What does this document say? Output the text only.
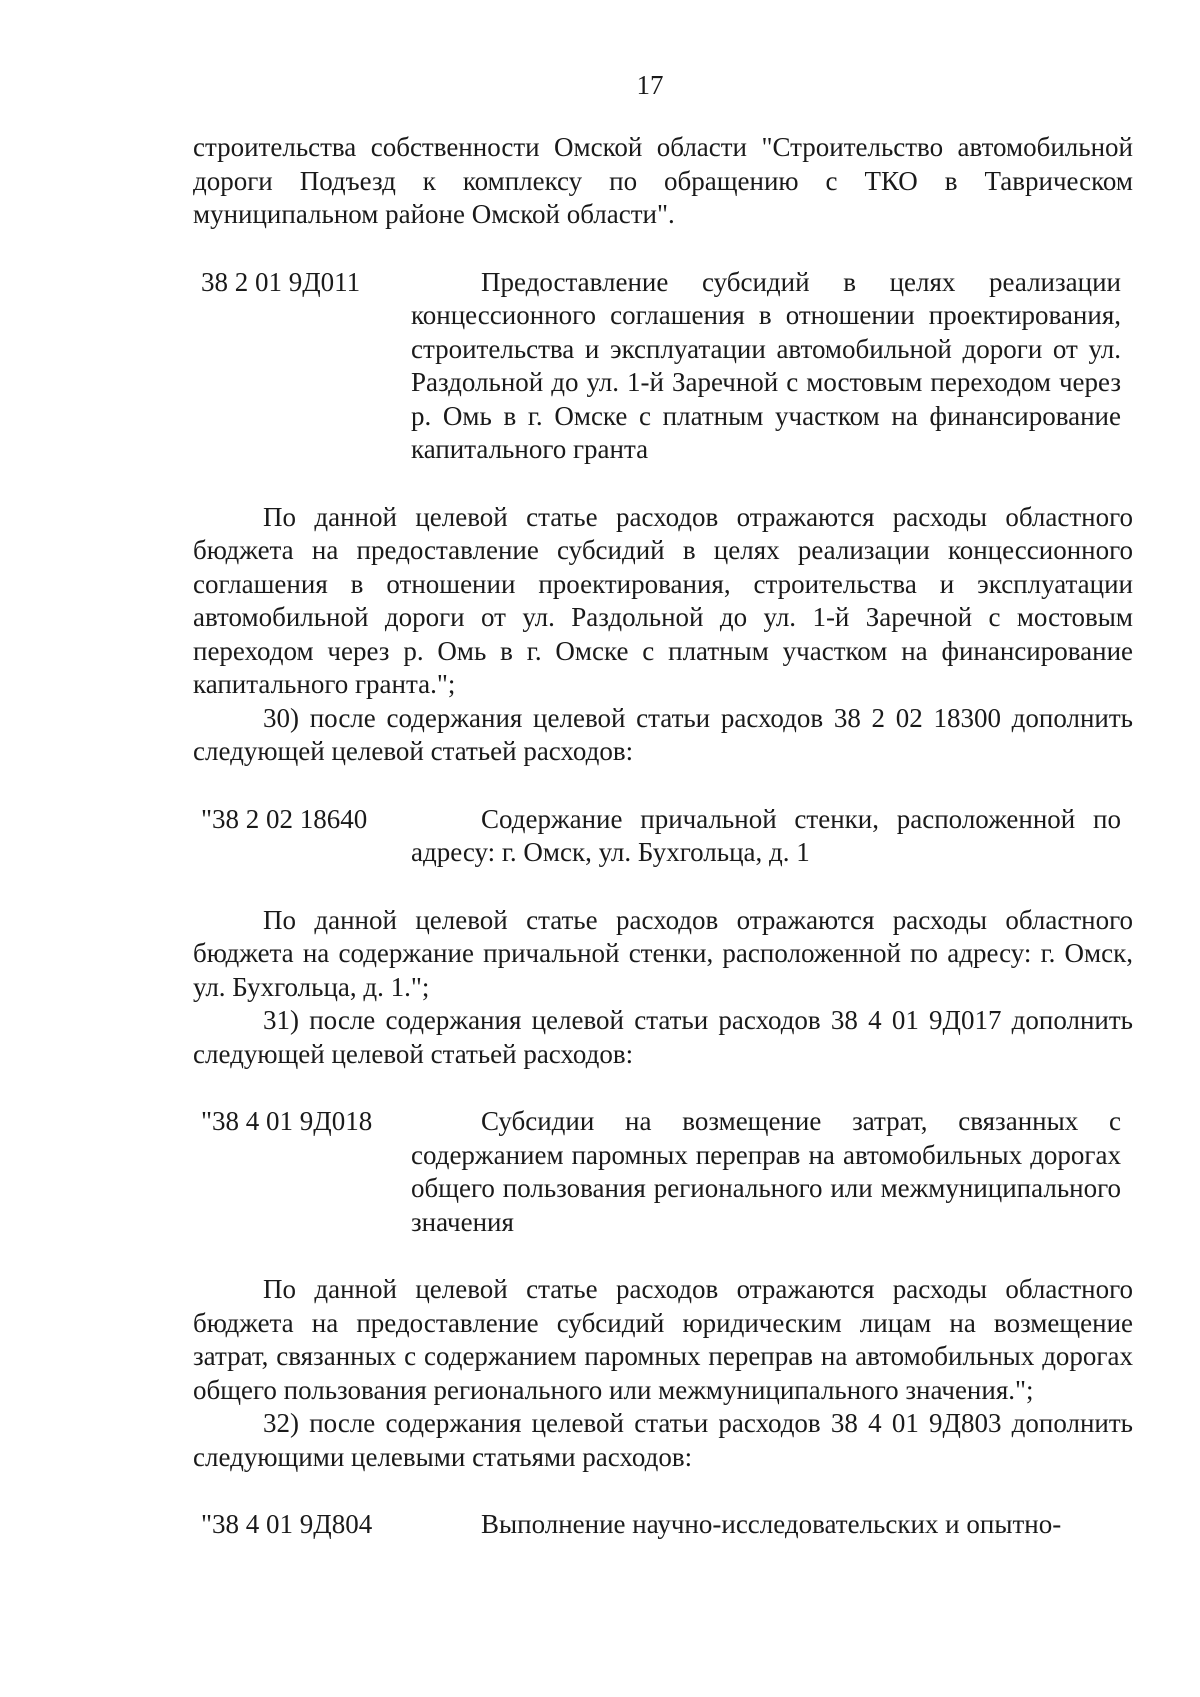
17

строительства собственности Омской области "Строительство автомобильной дороги Подъезд к комплексу по обращению с ТКО в Таврическом муниципальном районе Омской области".

38 2 01 9Д011	Предоставление субсидий в целях реализации концессионного соглашения в отношении проектирования, строительства и эксплуатации автомобильной дороги от ул. Раздольной до ул. 1-й Заречной с мостовым переходом через р. Омь в г. Омске с платным участком на финансирование капитального гранта

По данной целевой статье расходов отражаются расходы областного бюджета на предоставление субсидий в целях реализации концессионного соглашения в отношении проектирования, строительства и эксплуатации автомобильной дороги от ул. Раздольной до ул. 1-й Заречной с мостовым переходом через р. Омь в г. Омске с платным участком на финансирование капитального гранта.";

30) после содержания целевой статьи расходов 38 2 02 18300 дополнить следующей целевой статьей расходов:

"38 2 02 18640	Содержание причальной стенки, расположенной по адресу: г. Омск, ул. Бухгольца, д. 1

По данной целевой статье расходов отражаются расходы областного бюджета на содержание причальной стенки, расположенной по адресу: г. Омск, ул. Бухгольца, д. 1.";

31) после содержания целевой статьи расходов 38 4 01 9Д017 дополнить следующей целевой статьей расходов:

"38 4 01 9Д018	Субсидии на возмещение затрат, связанных с содержанием паромных переправ на автомобильных дорогах общего пользования регионального или межмуниципального значения

По данной целевой статье расходов отражаются расходы областного бюджета на предоставление субсидий юридическим лицам на возмещение затрат, связанных с содержанием паромных переправ на автомобильных дорогах общего пользования регионального или межмуниципального значения.";

32) после содержания целевой статьи расходов 38 4 01 9Д803 дополнить следующими целевыми статьями расходов:

"38 4 01 9Д804	Выполнение научно-исследовательских и опытно-
